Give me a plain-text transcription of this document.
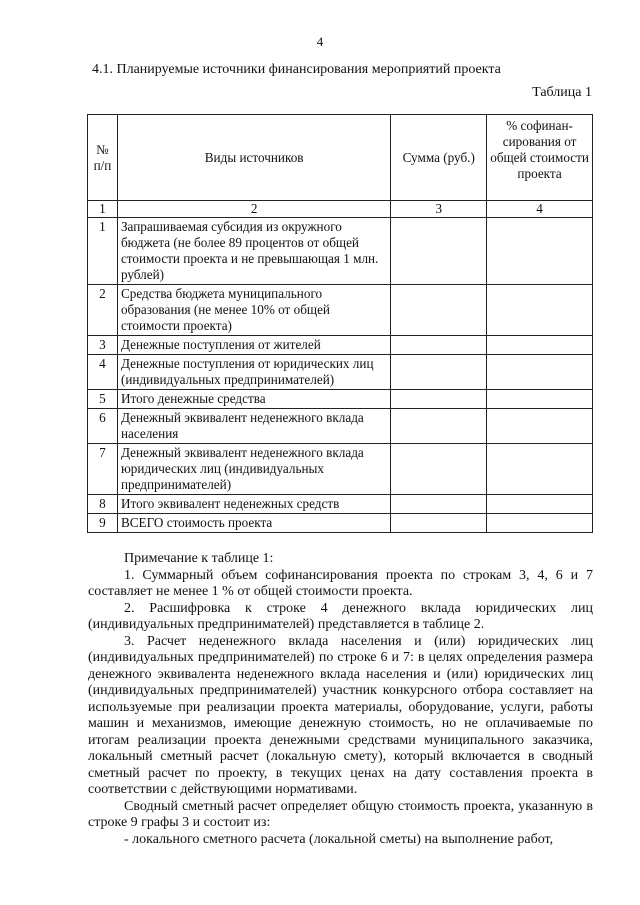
4
4.1. Планируемые источники финансирования мероприятий проекта
Таблица 1
№ п/п	Виды источников	Сумма (руб.)	% софинан-сирования от общей стоимости проекта
1	2	3	4
1	Запрашиваемая субсидия из окружного бюджета (не более 89 процентов от общей стоимости проекта и не превышающая 1 млн. рублей)		
2	Средства бюджета муниципального образования (не менее 10% от общей стоимости проекта)		
3	Денежные поступления от жителей		
4	Денежные поступления от юридических лиц (индивидуальных предпринимателей)		
5	Итого денежные средства		
6	Денежный эквивалент неденежного вклада населения		
7	Денежный эквивалент неденежного вклада юридических лиц (индивидуальных предпринимателей)		
8	Итого эквивалент неденежных средств		
9	ВСЕГО стоимость проекта		

Примечание к таблице 1:

1. Суммарный объем софинансирования проекта по строкам 3, 4, 6 и 7 составляет не менее 1 % от общей стоимости проекта.

2. Расшифровка к строке 4 денежного вклада юридических лиц (индивидуальных предпринимателей) представляется в таблице 2.

3. Расчет неденежного вклада населения и (или) юридических лиц (индивидуальных предпринимателей) по строке 6 и 7: в целях определения размера денежного эквивалента неденежного вклада населения и (или) юридических лиц (индивидуальных предпринимателей) участник конкурсного отбора составляет на используемые при реализации проекта материалы, оборудование, услуги, работы машин и механизмов, имеющие денежную стоимость, но не оплачиваемые по итогам реализации проекта денежными средствами муниципального заказчика, локальный сметный расчет (локальную смету), который включается в сводный сметный расчет по проекту, в текущих ценах на дату составления проекта в соответствии с действующими нормативами.

Сводный сметный расчет определяет общую стоимость проекта, указанную в строке 9 графы 3 и состоит из:

- локального сметного расчета (локальной сметы) на выполнение работ,
